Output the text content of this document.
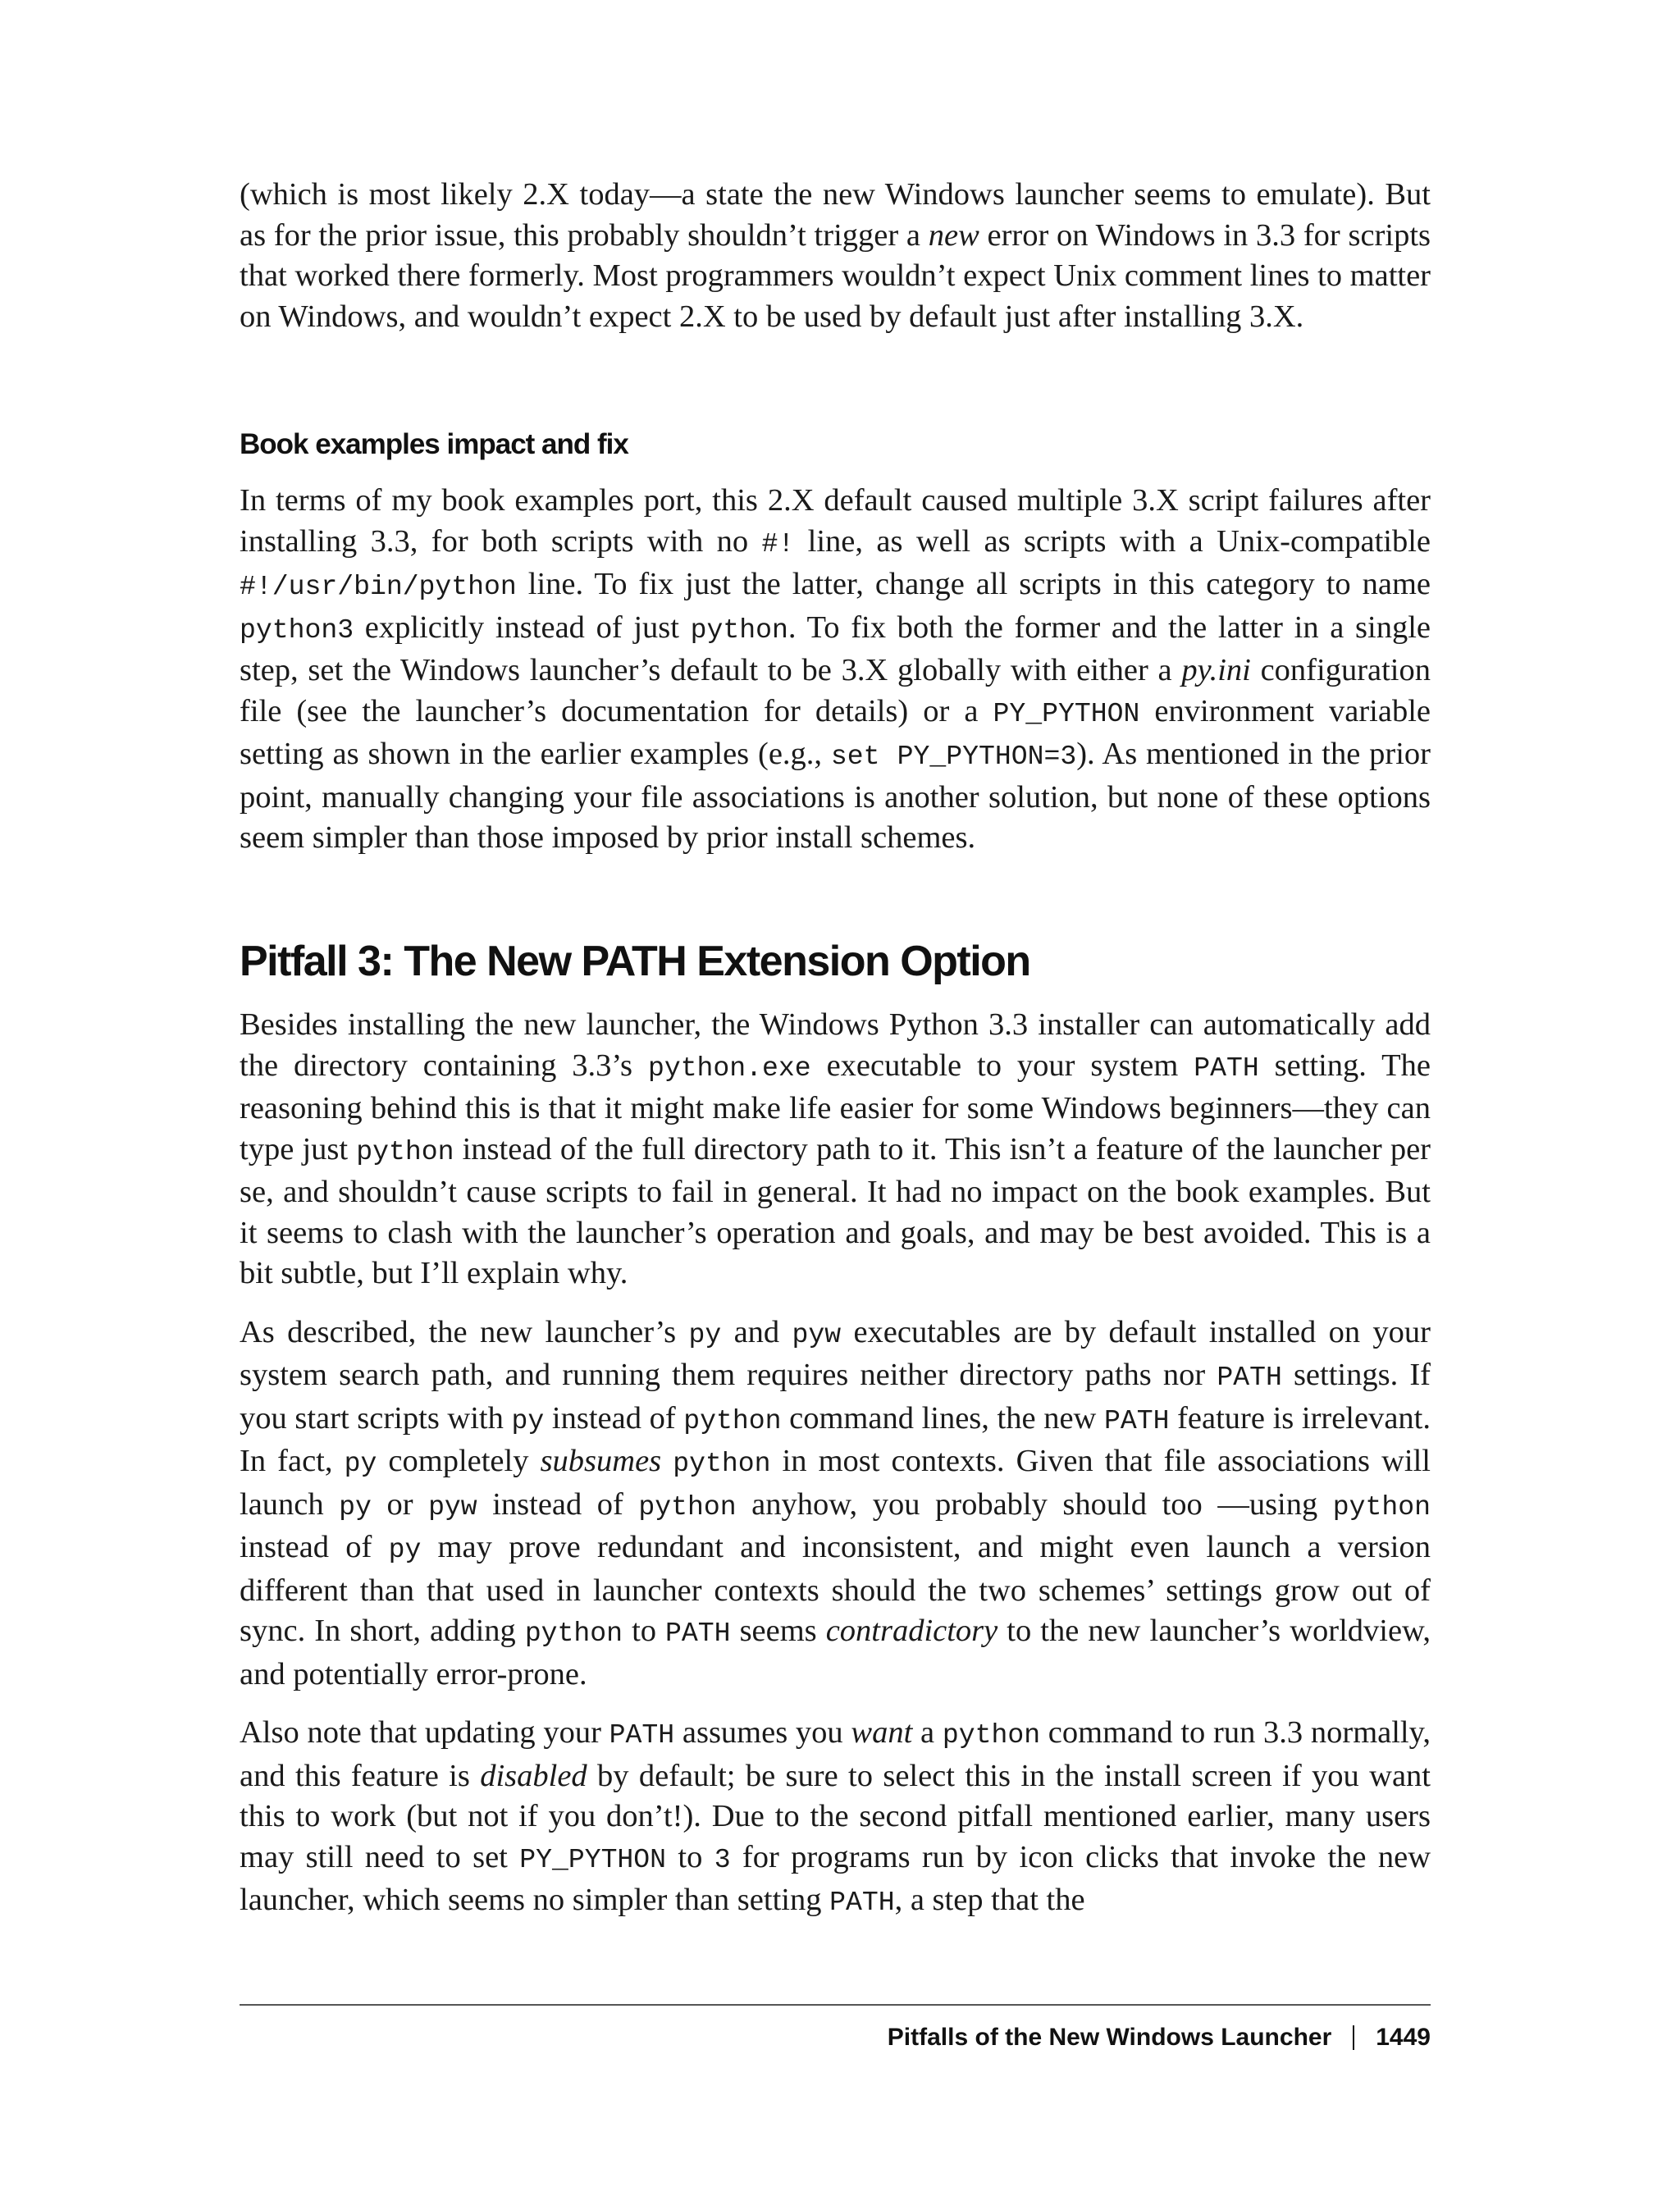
(which is most likely 2.X today—a state the new Windows launcher seems to emulate). But as for the prior issue, this probably shouldn’t trigger a new error on Windows in 3.3 for scripts that worked there formerly. Most programmers wouldn’t expect Unix comment lines to matter on Windows, and wouldn’t expect 2.X to be used by default just after installing 3.X.

Book examples impact and fix

In terms of my book examples port, this 2.X default caused multiple 3.X script failures after installing 3.3, for both scripts with no #! line, as well as scripts with a Unix-compatible #!/usr/bin/python line. To fix just the latter, change all scripts in this category to name python3 explicitly instead of just python. To fix both the former and the latter in a single step, set the Windows launcher’s default to be 3.X globally with either a py.ini configuration file (see the launcher’s documentation for details) or a PY_PYTHON environment variable setting as shown in the earlier examples (e.g., set PY_PYTHON=3). As mentioned in the prior point, manually changing your file associations is another solution, but none of these options seem simpler than those imposed by prior install schemes.

Pitfall 3: The New PATH Extension Option

Besides installing the new launcher, the Windows Python 3.3 installer can automatically add the directory containing 3.3’s python.exe executable to your system PATH setting. The reasoning behind this is that it might make life easier for some Windows beginners—they can type just python instead of the full directory path to it. This isn’t a feature of the launcher per se, and shouldn’t cause scripts to fail in general. It had no impact on the book examples. But it seems to clash with the launcher’s operation and goals, and may be best avoided. This is a bit subtle, but I’ll explain why.

As described, the new launcher’s py and pyw executables are by default installed on your system search path, and running them requires neither directory paths nor PATH settings. If you start scripts with py instead of python command lines, the new PATH feature is irrelevant. In fact, py completely subsumes python in most contexts. Given that file associations will launch py or pyw instead of python anyhow, you probably should too —using python instead of py may prove redundant and inconsistent, and might even launch a version different than that used in launcher contexts should the two schemes’ settings grow out of sync. In short, adding python to PATH seems contradictory to the new launcher’s worldview, and potentially error-prone.

Also note that updating your PATH assumes you want a python command to run 3.3 normally, and this feature is disabled by default; be sure to select this in the install screen if you want this to work (but not if you don’t!). Due to the second pitfall mentioned earlier, many users may still need to set PY_PYTHON to 3 for programs run by icon clicks that invoke the new launcher, which seems no simpler than setting PATH, a step that the

Pitfalls of the New Windows Launcher 1449
